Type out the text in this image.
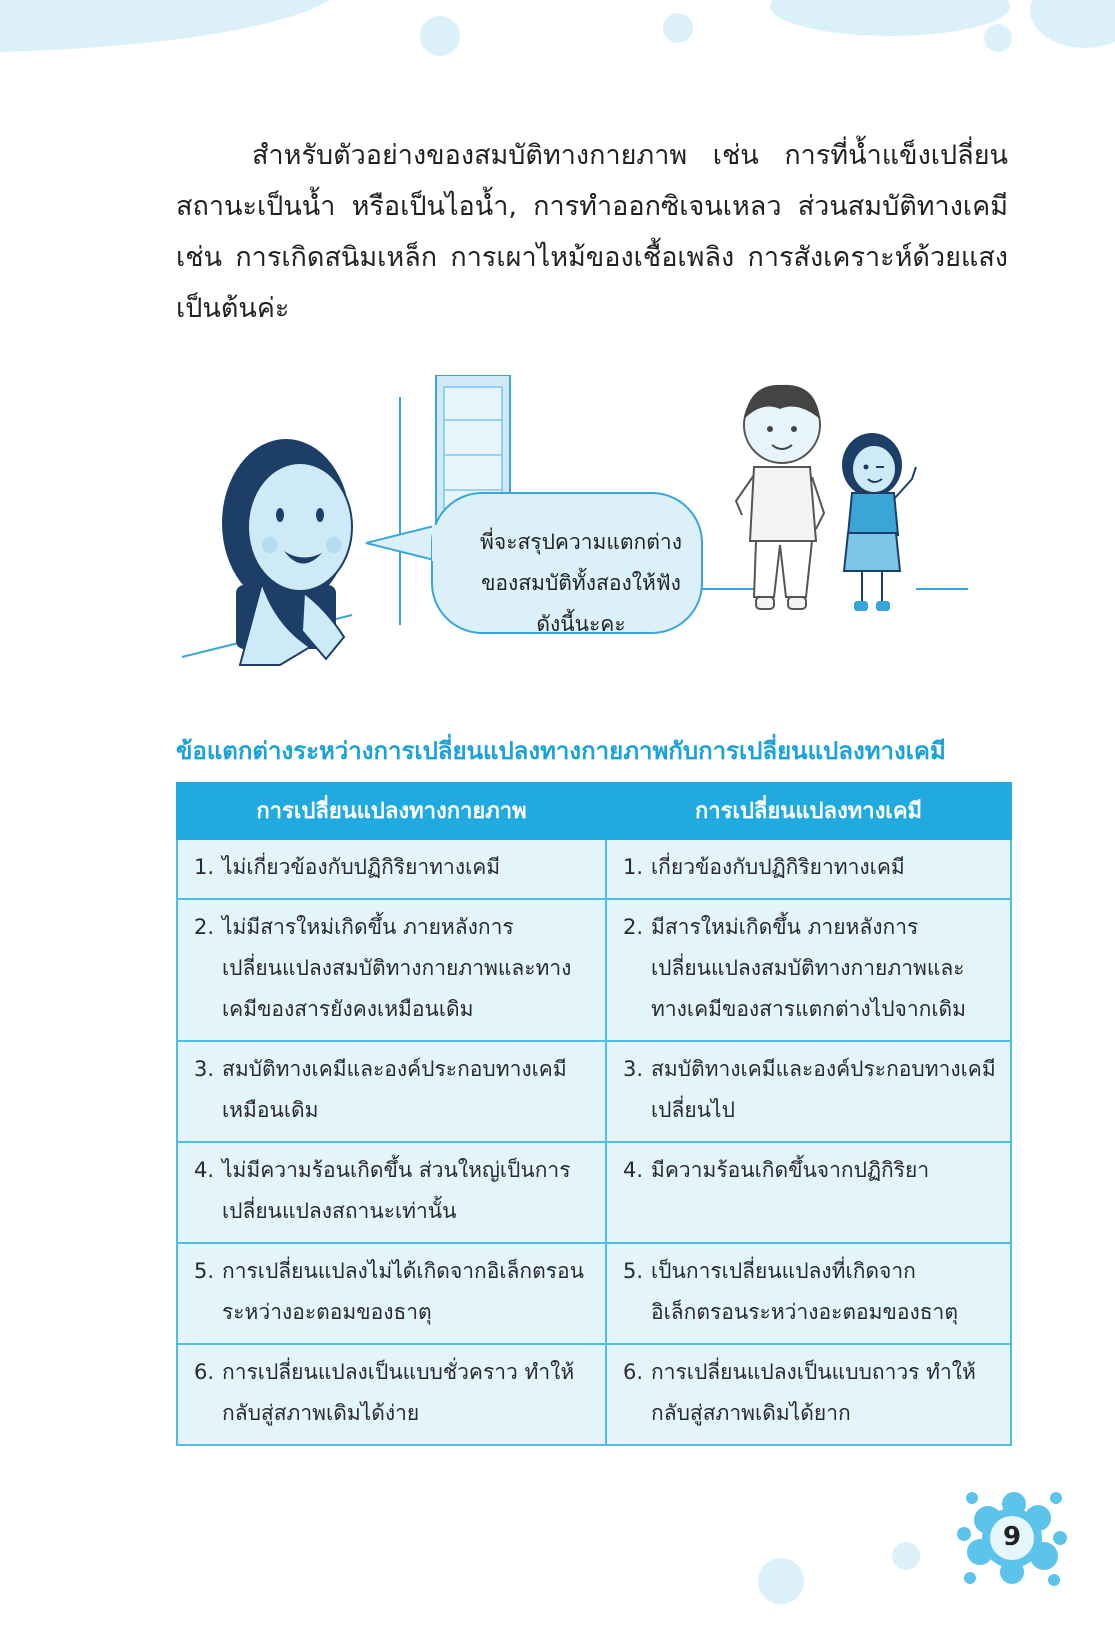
สำหรับตัวอย่างของสมบัติทางกายภาพ เช่น การที่น้ำแข็งเปลี่ยนสถานะเป็นน้ำ หรือเป็นไอน้ำ, การทำออกซิเจนเหลว ส่วนสมบัติทางเคมี เช่น การเกิดสนิมเหล็ก การเผาไหม้ของเชื้อเพลิง การสังเคราะห์ด้วยแสง เป็นต้นค่ะ

พี่จะสรุปความแตกต่าง
ของสมบัติทั้งสองให้ฟัง
ดังนี้นะคะ
ข้อแตกต่างระหว่างการเปลี่ยนแปลงทางกายภาพกับการเปลี่ยนแปลงทางเคมี
การเปลี่ยนแปลงทางกายภาพ	การเปลี่ยนแปลงทางเคมี

1. ไม่เกี่ยวข้องกับปฏิกิริยาทางเคมี	1. เกี่ยวข้องกับปฏิกิริยาทางเคมี

2. ไม่มีสารใหม่เกิดขึ้น ภายหลังการเปลี่ยนแปลงสมบัติทางกายภาพและทางเคมีของสารยังคงเหมือนเดิม	2. มีสารใหม่เกิดขึ้น ภายหลังการเปลี่ยนแปลงสมบัติทางกายภาพและทางเคมีของสารแตกต่างไปจากเดิม

3. สมบัติทางเคมีและองค์ประกอบทางเคมีเหมือนเดิม	3. สมบัติทางเคมีและองค์ประกอบทางเคมีเปลี่ยนไป

4. ไม่มีความร้อนเกิดขึ้น ส่วนใหญ่เป็นการเปลี่ยนแปลงสถานะเท่านั้น	4. มีความร้อนเกิดขึ้นจากปฏิกิริยา

5. การเปลี่ยนแปลงไม่ได้เกิดจากอิเล็กตรอนระหว่างอะตอมของธาตุ	5. เป็นการเปลี่ยนแปลงที่เกิดจากอิเล็กตรอนระหว่างอะตอมของธาตุ

6. การเปลี่ยนแปลงเป็นแบบชั่วคราว ทำให้กลับสู่สภาพเดิมได้ง่าย	6. การเปลี่ยนแปลงเป็นแบบถาวร ทำให้กลับสู่สภาพเดิมได้ยาก
9
